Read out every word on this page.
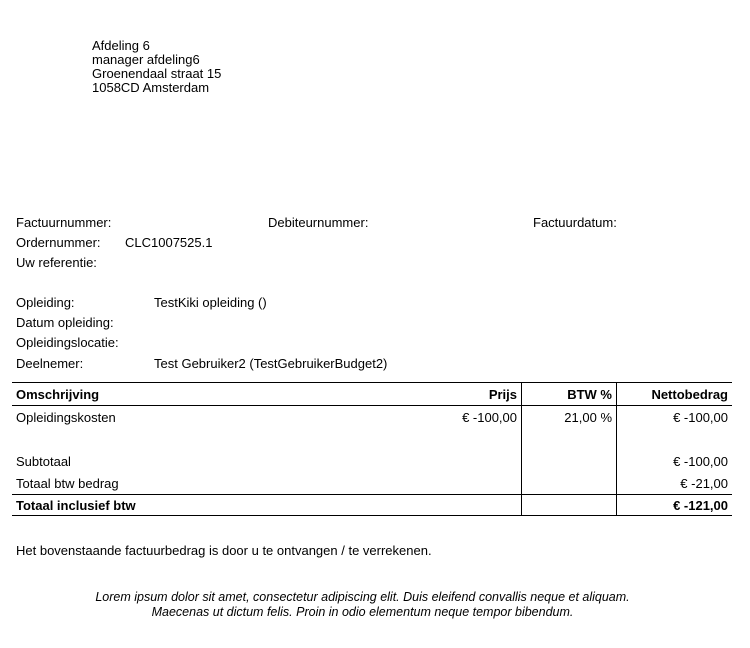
Afdeling 6
manager afdeling6
Groenendaal straat 15
1058CD Amsterdam
Factuurnummer:	Debiteurnummer:	Factuurdatum:
Ordernummer: CLC1007525.1
Uw referentie:
Opleiding:	TestKiki opleiding ()
Datum opleiding:
Opleidingslocatie:
Deelnemer:	Test Gebruiker2 (TestGebruikerBudget2)
Omschrijving	Prijs	BTW %	Nettobedrag
Opleidingskosten	€ -100,00	21,00 %	€ -100,00

Subtotaal			€ -100,00
Totaal btw bedrag			€ -21,00
Totaal inclusief btw			€ -121,00
Het bovenstaande factuurbedrag is door u te ontvangen / te verrekenen.
Lorem ipsum dolor sit amet, consectetur adipiscing elit. Duis eleifend convallis neque et aliquam.
Maecenas ut dictum felis. Proin in odio elementum neque tempor bibendum.
